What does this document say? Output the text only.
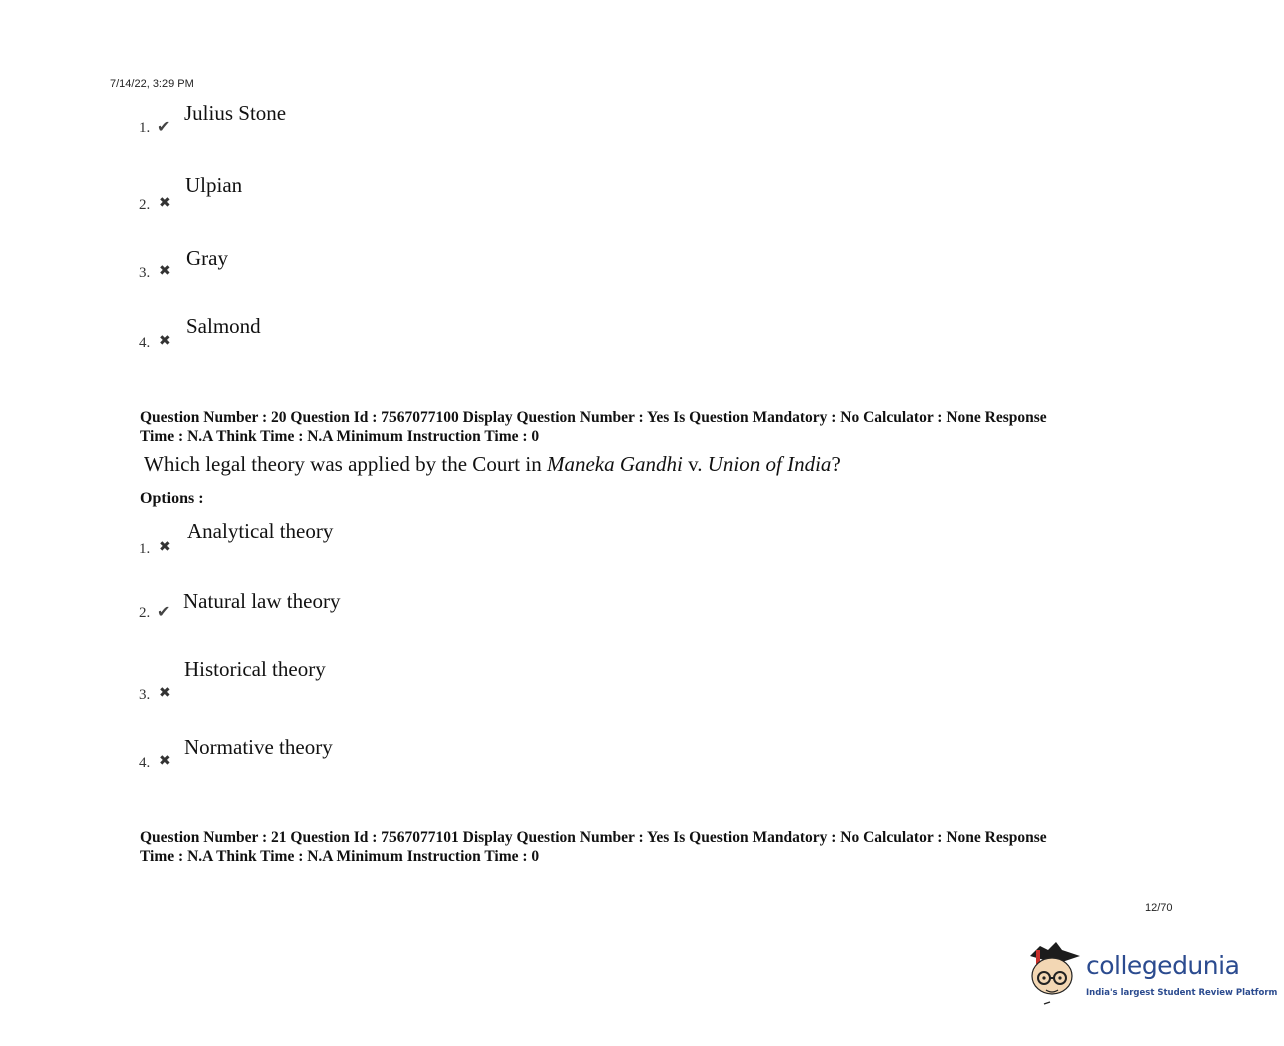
7/14/22, 3:29 PM
1. ✔
Julius Stone
2. ✖
Ulpian
3. ✖
Gray
4. ✖
Salmond
Question Number : 20 Question Id : 7567077100 Display Question Number : Yes Is Question Mandatory : No Calculator : None Response
Time : N.A Think Time : N.A Minimum Instruction Time : 0
Which legal theory was applied by the Court in Maneka Gandhi v. Union of India?
Options :
1. ✖
Analytical theory
2. ✔ Natural law theory
3. ✖
Historical theory
4. ✖
Normative theory
Question Number : 21 Question Id : 7567077101 Display Question Number : Yes Is Question Mandatory : No Calculator : None Response
Time : N.A Think Time : N.A Minimum Instruction Time : 0
12/70
collegedunia
India's largest Student Review Platform
